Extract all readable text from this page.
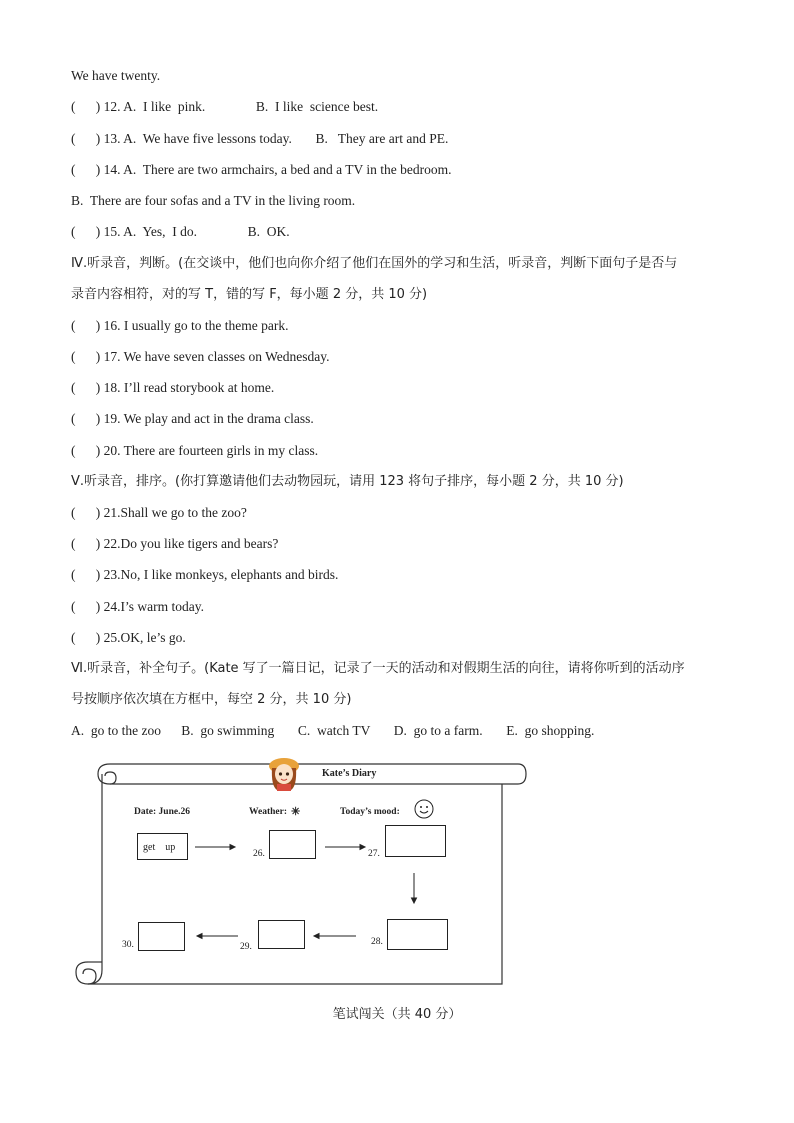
We have twenty.
(      ) 12. A.  I like  pink.               B.  I like  science best.
(      ) 13. A.  We have five lessons today.       B.   They are art and PE.
(      ) 14. A.  There are two armchairs, a bed and a TV in the bedroom.
B.  There are four sofas and a TV in the living room.
(      ) 15. A.  Yes,  I do.               B.  OK.
Ⅳ.听录音，判断。(在交谈中，他们也向你介绍了他们在国外的学习和生活，听录音，判断下面句子是否与
录音内容相符，对的写 T，错的写 F，每小题 2 分，共 10 分)
(      ) 16. I usually go to the theme park.
(      ) 17. We have seven classes on Wednesday.
(      ) 18. I’ll read storybook at home.
(      ) 19. We play and act in the drama class.
(      ) 20. There are fourteen girls in my class.
Ⅴ.听录音，排序。(你打算邀请他们去动物园玩，请用 123 将句子排序，每小题 2 分，共 10 分)
(      ) 21.Shall we go to the zoo?
(      ) 22.Do you like tigers and bears?
(      ) 23.No, I like monkeys, elephants and birds.
(      ) 24.I’s warm today.
(      ) 25.OK, le’s go.
Ⅵ.听录音，补全句子。(Kate 写了一篇日记，记录了一天的活动和对假期生活的向往，请将你听到的活动序
号按顺序依次填在方框中，每空 2 分，共 10 分)
A.  go to the zoo      B.  go swimming       C.  watch TV       D.  go to a farm.       E.  go shopping.
Kate’s Diary
Date: June.26	Weather: ✳	Today’s mood:
get    up
26.	27.
28.
29.
30.
笔试闯关（共 40 分）
